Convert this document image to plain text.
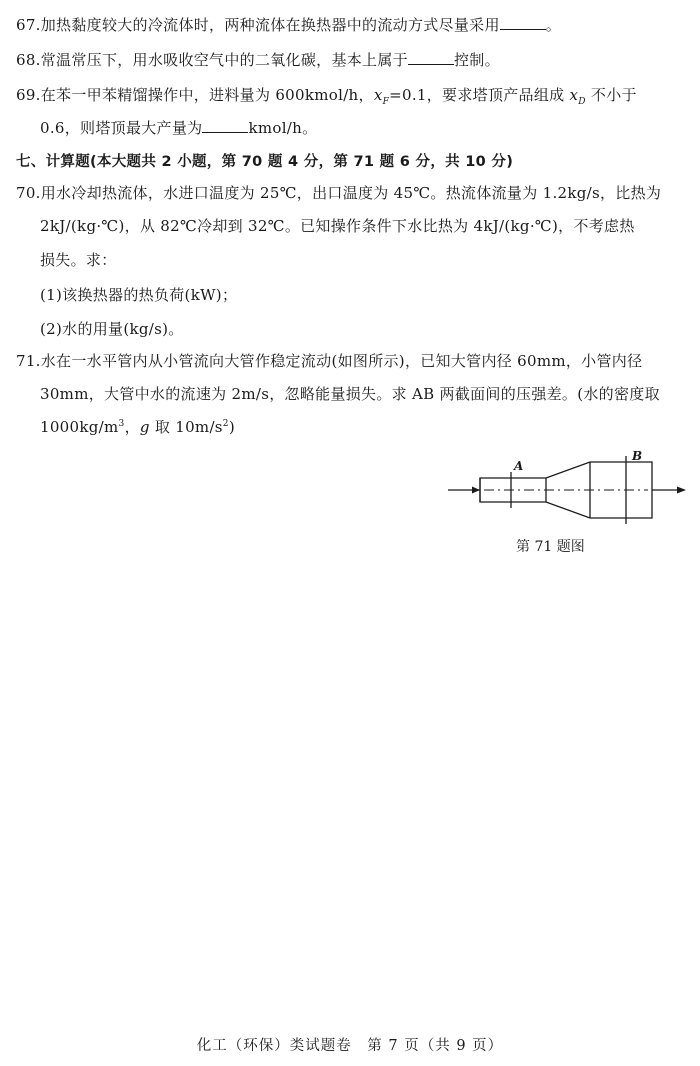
67.加热黏度较大的冷流体时，两种流体在换热器中的流动方式尽量采用	。
68.常温常压下，用水吸收空气中的二氧化碳，基本上属于	控制。
69.在苯一甲苯精馏操作中，进料量为 600kmol/h，$x_F=0.1$，要求塔顶产品组成 $x_D$ 不小于
0.6，则塔顶最大产量为	kmol/h。
七、计算题(本大题共 2 小题，第 70 题 4 分，第 71 题 6 分，共 10 分)
70.用水冷却热流体，水进口温度为 25℃，出口温度为 45℃。热流体流量为 1.2kg/s，比热为
2kJ/(kg·℃)，从 82℃冷却到 32℃。已知操作条件下水比热为 4kJ/(kg·℃)，不考虑热
损失。求：
(1)该换热器的热负荷(kW)；
(2)水的用量(kg/s)。
71.水在一水平管内从小管流向大管作稳定流动(如图所示)，已知大管内径 60mm，小管内径
30mm，大管中水的流速为 2m/s，忽略能量损失。求 AB 两截面间的压强差。(水的密度取
$1000kg/m^3$，g 取 $10m/s^2$)
A
B
第 71 题图
化工（环保）类试题卷　第 7 页（共 9 页）
